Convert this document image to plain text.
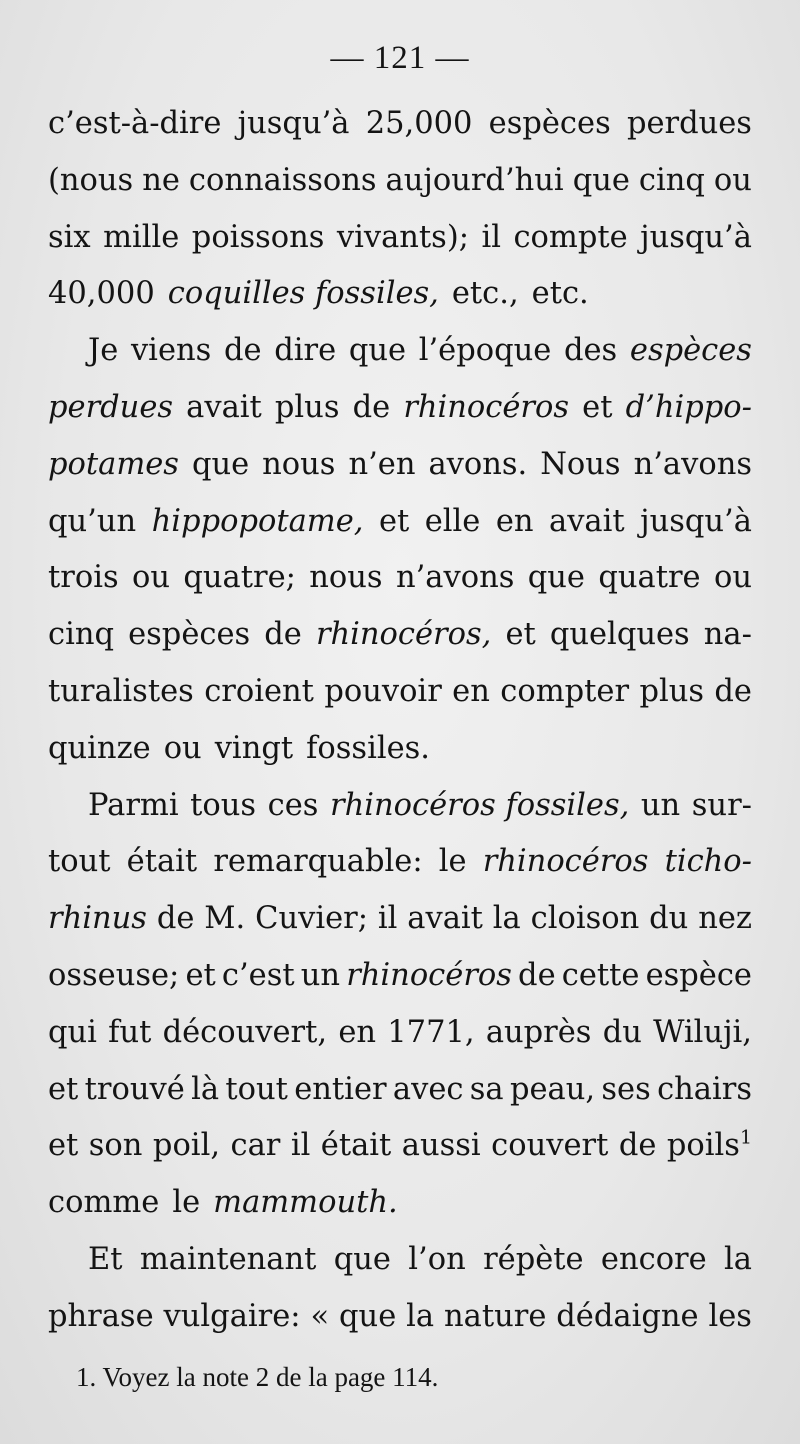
— 121 —
c’est-à-dire jusqu’à 25,000 espèces perdues
(nous ne connaissons aujourd’hui que cinq ou
six mille poissons vivants); il compte jusqu’à
40,000 coquilles fossiles, etc., etc.
Je viens de dire que l’époque des espèces
perdues avait plus de rhinocéros et d’hippo-
potames que nous n’en avons. Nous n’avons
qu’un hippopotame, et elle en avait jusqu’à
trois ou quatre; nous n’avons que quatre ou
cinq espèces de rhinocéros, et quelques na-
turalistes croient pouvoir en compter plus de
quinze ou vingt fossiles.
Parmi tous ces rhinocéros fossiles, un sur-
tout était remarquable: le rhinocéros ticho-
rhinus de M. Cuvier; il avait la cloison du nez
osseuse; et c’est un rhinocéros de cette espèce
qui fut découvert, en 1771, auprès du Wiluji,
et trouvé là tout entier avec sa peau, ses chairs
et son poil, car il était aussi couvert de poils$^1$
comme le mammouth.
Et maintenant que l’on répète encore la
phrase vulgaire: « que la nature dédaigne les
1. Voyez la note 2 de la page 114.
